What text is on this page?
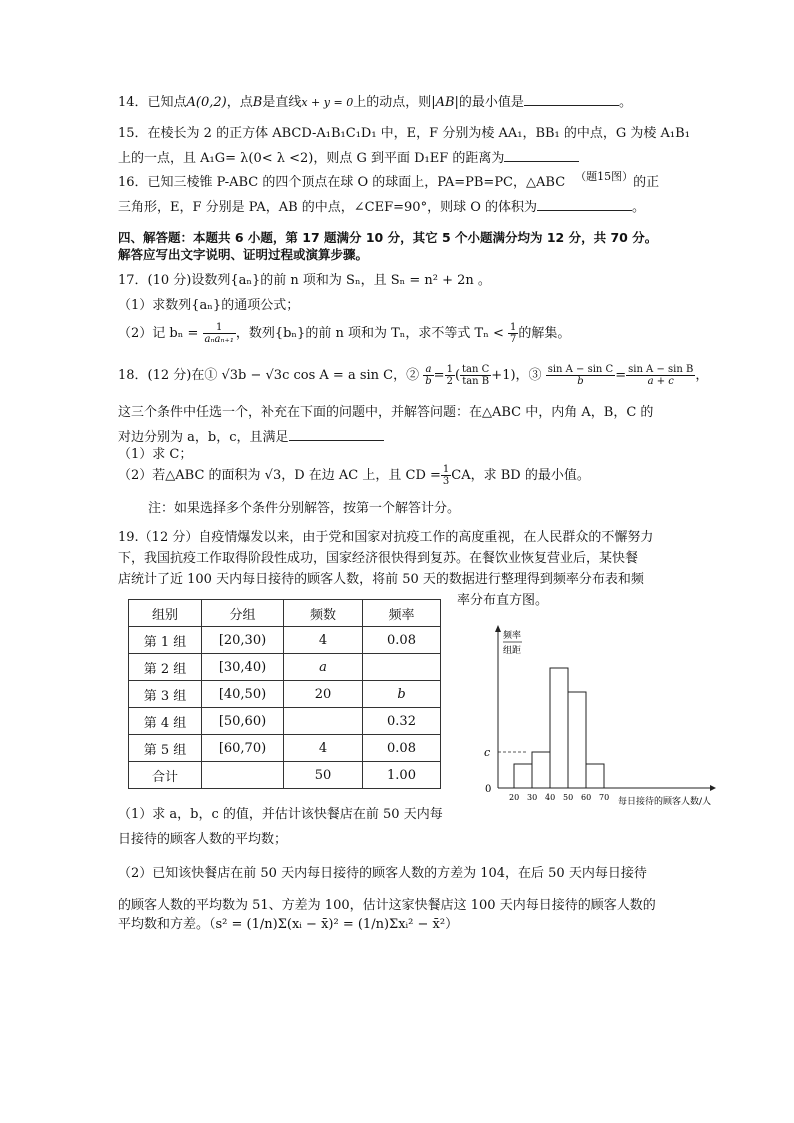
14．已知点A(0,2)，点B是直线x + y = 0上的动点，则|AB|的最小值是	。
15．在棱长为 2 的正方体 ABCD-A₁B₁C₁D₁ 中，E，F 分别为棱 AA₁，BB₁ 的中点，G 为棱 A₁B₁
上的一点，且 A₁G= λ(0< λ <2)，则点 G 到平面 D₁EF 的距离为
16．已知三棱锥 P-ABC 的四个顶点在球 O 的球面上，PA=PB=PC，△ABC $^{(题15图)}$的正
三角形，E，F 分别是 PA，AB 的中点，∠CEF=90°，则球 O 的体积为	。
四、解答题：本题共 6 小题，第 17 题满分 10 分，其它 5 个小题满分均为 12 分，共 70 分。
解答应写出文字说明、证明过程或演算步骤。
17．(10 分)设数列{aₙ}的前 n 项和为 Sₙ，且 Sₙ = n² + 2n 。
（1）求数列{aₙ}的通项公式；
（2）记 $b_n = \frac{1}{\text{aₙaₙ₊₁}}$ ，数列{bₙ}的前 n 项和为 Tₙ，求不等式 $T_n < \frac{1}{7}$ 的解集。
18．(12 分)在① √3b − √3c cos A = a sin C，② $\frac{a}{b} = \frac{1}{2}$ ( $\frac{\text{tan C}}{\text{tan B}} +1$)，③ $\frac{\text{sin A − sin C}}{b} = \frac{\text{sin A − sin B}}{a + c}$ ，
这三个条件中任选一个，补充在下面的问题中，并解答问题：在△ABC 中，内角 A，B，C 的
对边分别为 a，b，c，且满足
（1）求 C；
（2）若△ABC 的面积为 √3，D 在边 AC 上，且 CD = $\frac{1}{3}$ CA，求 BD 的最小值。
注：如果选择多个条件分别解答，按第一个解答计分。
19.（12 分）自疫情爆发以来，由于党和国家对抗疫工作的高度重视，在人民群众的不懈努力
下，我国抗疫工作取得阶段性成功，国家经济很快得到复苏。在餐饮业恢复营业后，某快餐
店统计了近 100 天内每日接待的顾客人数，将前 50 天的数据进行整理得到频率分布表和频
率分布直方图。
组别	分组	频数	频率
第 1 组	[20,30)	4	0.08
第 2 组	[30,40)	a	
第 3 组	[40,50)	20	b
第 4 组	[50,60)		0.32
第 5 组	[60,70)	4	0.08
合计		50	1.00
频率
组距
0
c
20 30 40 50 60 70 每日接待的顾客人数/人
（1）求 a，b，c 的值，并估计该快餐店在前 50 天内每
日接待的顾客人数的平均数；
（2）已知该快餐店在前 50 天内每日接待的顾客人数的方差为 104，在后 50 天内每日接待
的顾客人数的平均数为 51、方差为 100，估计这家快餐店这 100 天内每日接待的顾客人数的
平均数和方差。（s² = (1/n)Σ(xᵢ − x̄)² = (1/n)Σxᵢ² − x̄²）
